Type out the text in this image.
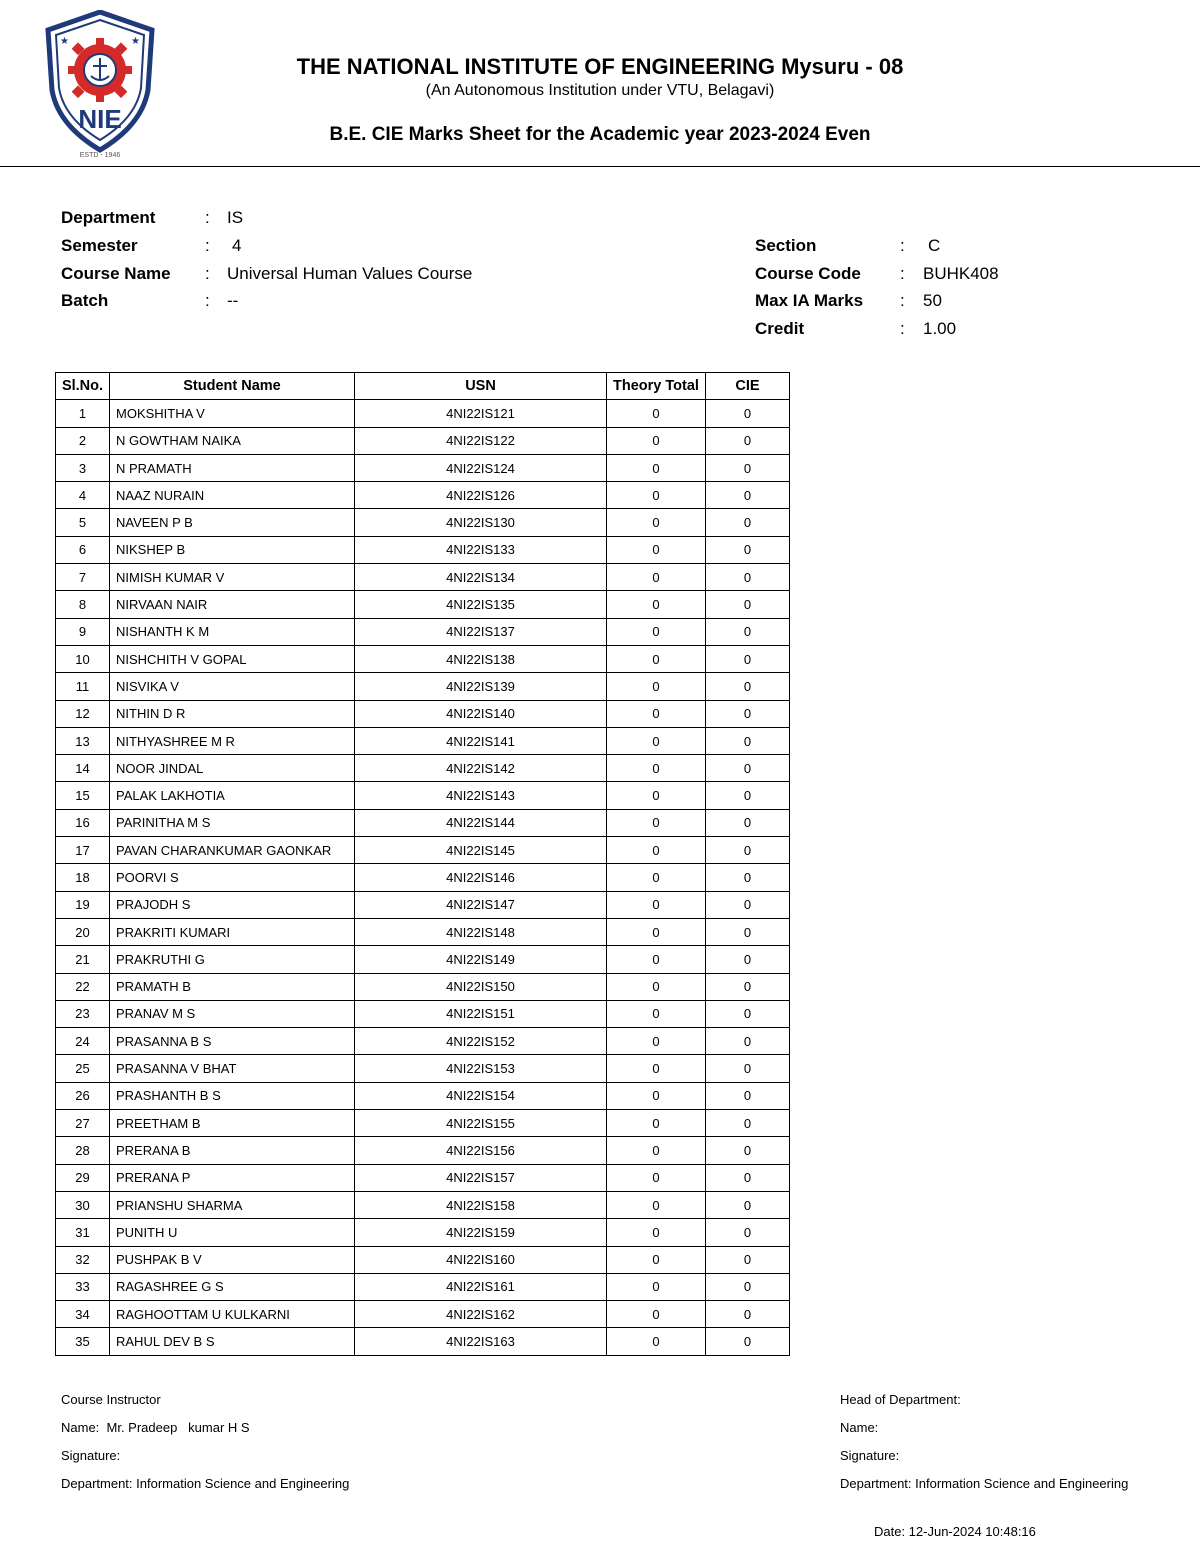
★	★
NIE
ESTD - 1946
THE NATIONAL INSTITUTE OF ENGINEERING Mysuru - 08
(An Autonomous Institution under VTU, Belagavi)
B.E. CIE Marks Sheet for the Academic year 2023-2024 Even
Department	: IS
Semester	: 4	Section	: C
Course Name : Universal Human Values Course	Course Code : BUHK408
Batch	: --	Max IA Marks : 50
Credit	: 1.00
Sl.No.	Student Name	USN	Theory Total	CIE
1	MOKSHITHA V	4NI22IS121	0	0
2	N GOWTHAM NAIKA	4NI22IS122	0	0
3	N PRAMATH	4NI22IS124	0	0
4	NAAZ NURAIN	4NI22IS126	0	0
5	NAVEEN P B	4NI22IS130	0	0
6	NIKSHEP B	4NI22IS133	0	0
7	NIMISH KUMAR V	4NI22IS134	0	0
8	NIRVAAN NAIR	4NI22IS135	0	0
9	NISHANTH K M	4NI22IS137	0	0
10	NISHCHITH V GOPAL	4NI22IS138	0	0
11	NISVIKA V	4NI22IS139	0	0
12	NITHIN D R	4NI22IS140	0	0
13	NITHYASHREE M R	4NI22IS141	0	0
14	NOOR JINDAL	4NI22IS142	0	0
15	PALAK LAKHOTIA	4NI22IS143	0	0
16	PARINITHA M S	4NI22IS144	0	0
17	PAVAN CHARANKUMAR GAONKAR	4NI22IS145	0	0
18	POORVI S	4NI22IS146	0	0
19	PRAJODH S	4NI22IS147	0	0
20	PRAKRITI KUMARI	4NI22IS148	0	0
21	PRAKRUTHI G	4NI22IS149	0	0
22	PRAMATH B	4NI22IS150	0	0
23	PRANAV M S	4NI22IS151	0	0
24	PRASANNA B S	4NI22IS152	0	0
25	PRASANNA V BHAT	4NI22IS153	0	0
26	PRASHANTH B S	4NI22IS154	0	0
27	PREETHAM B	4NI22IS155	0	0
28	PRERANA B	4NI22IS156	0	0
29	PRERANA P	4NI22IS157	0	0
30	PRIANSHU SHARMA	4NI22IS158	0	0
31	PUNITH U	4NI22IS159	0	0
32	PUSHPAK B V	4NI22IS160	0	0
33	RAGASHREE G S	4NI22IS161	0	0
34	RAGHOOTTAM U KULKARNI	4NI22IS162	0	0
35	RAHUL DEV B S	4NI22IS163	0	0
Course Instructor
Name:  Mr. Pradeep   kumar H S
Signature:
Department: Information Science and Engineering
Head of Department:
Name:
Signature:
Department: Information Science and Engineering
Date: 12-Jun-2024 10:48:16
